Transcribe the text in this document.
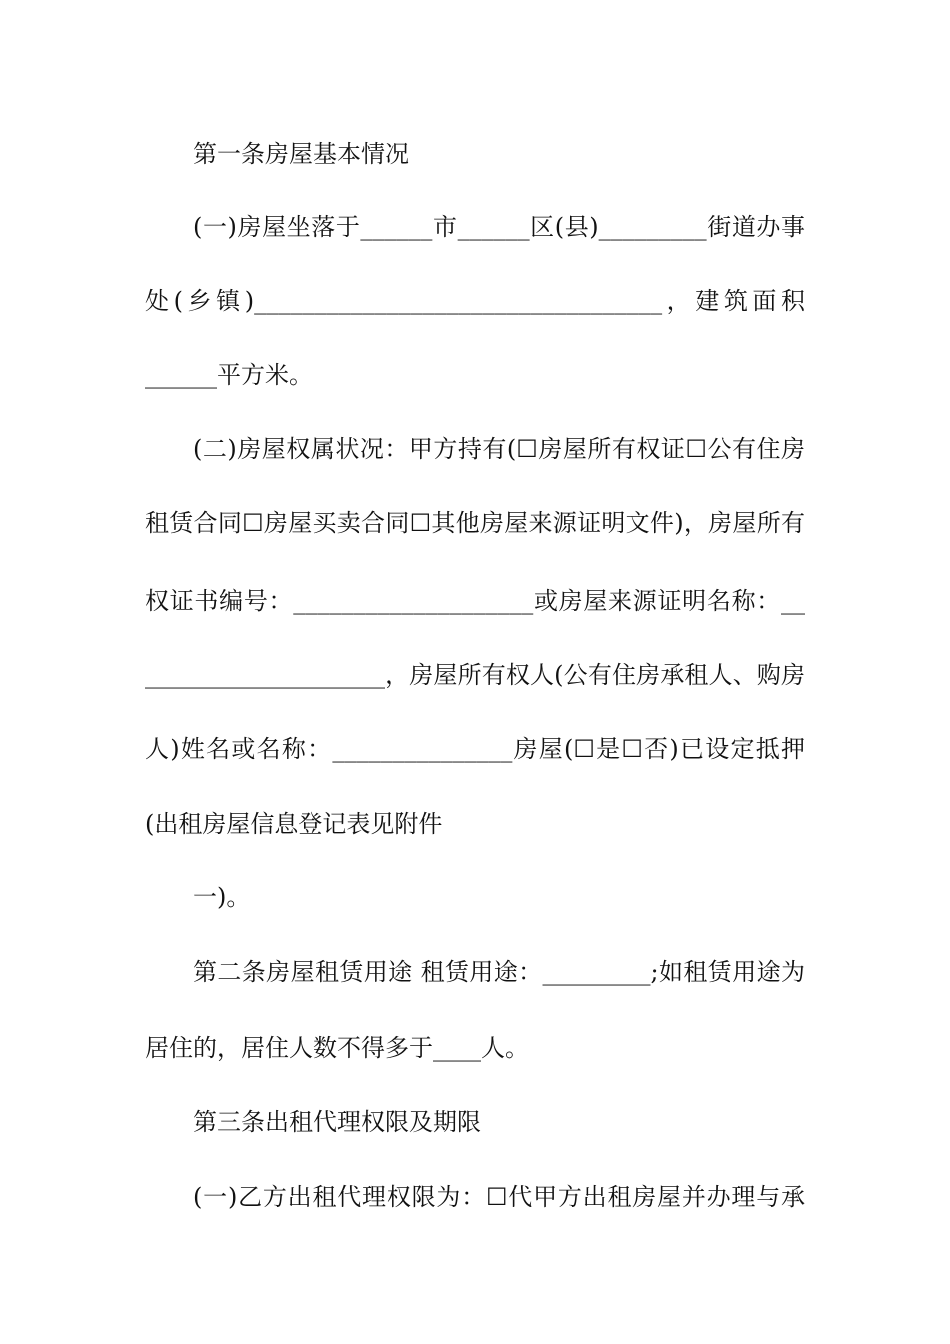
第一条房屋基本情况
(一)房屋坐落于______市______区(县)_________街道办事
处(乡镇)__________________________________，建筑面积
______平方米。
(二)房屋权属状况：甲方持有(☐房屋所有权证☐公有住房
租赁合同☐房屋买卖合同☐其他房屋来源证明文件)，房屋所有
权证书编号：____________________或房屋来源证明名称：__
____________________，房屋所有权人(公有住房承租人、购房
人)姓名或名称：_______________房屋(☐是☐否)已设定抵押
(出租房屋信息登记表见附件
一)。
第二条房屋租赁用途 租赁用途：_________;如租赁用途为
居住的，居住人数不得多于____人。
第三条出租代理权限及期限
(一)乙方出租代理权限为：☐代甲方出租房屋并办理与承
